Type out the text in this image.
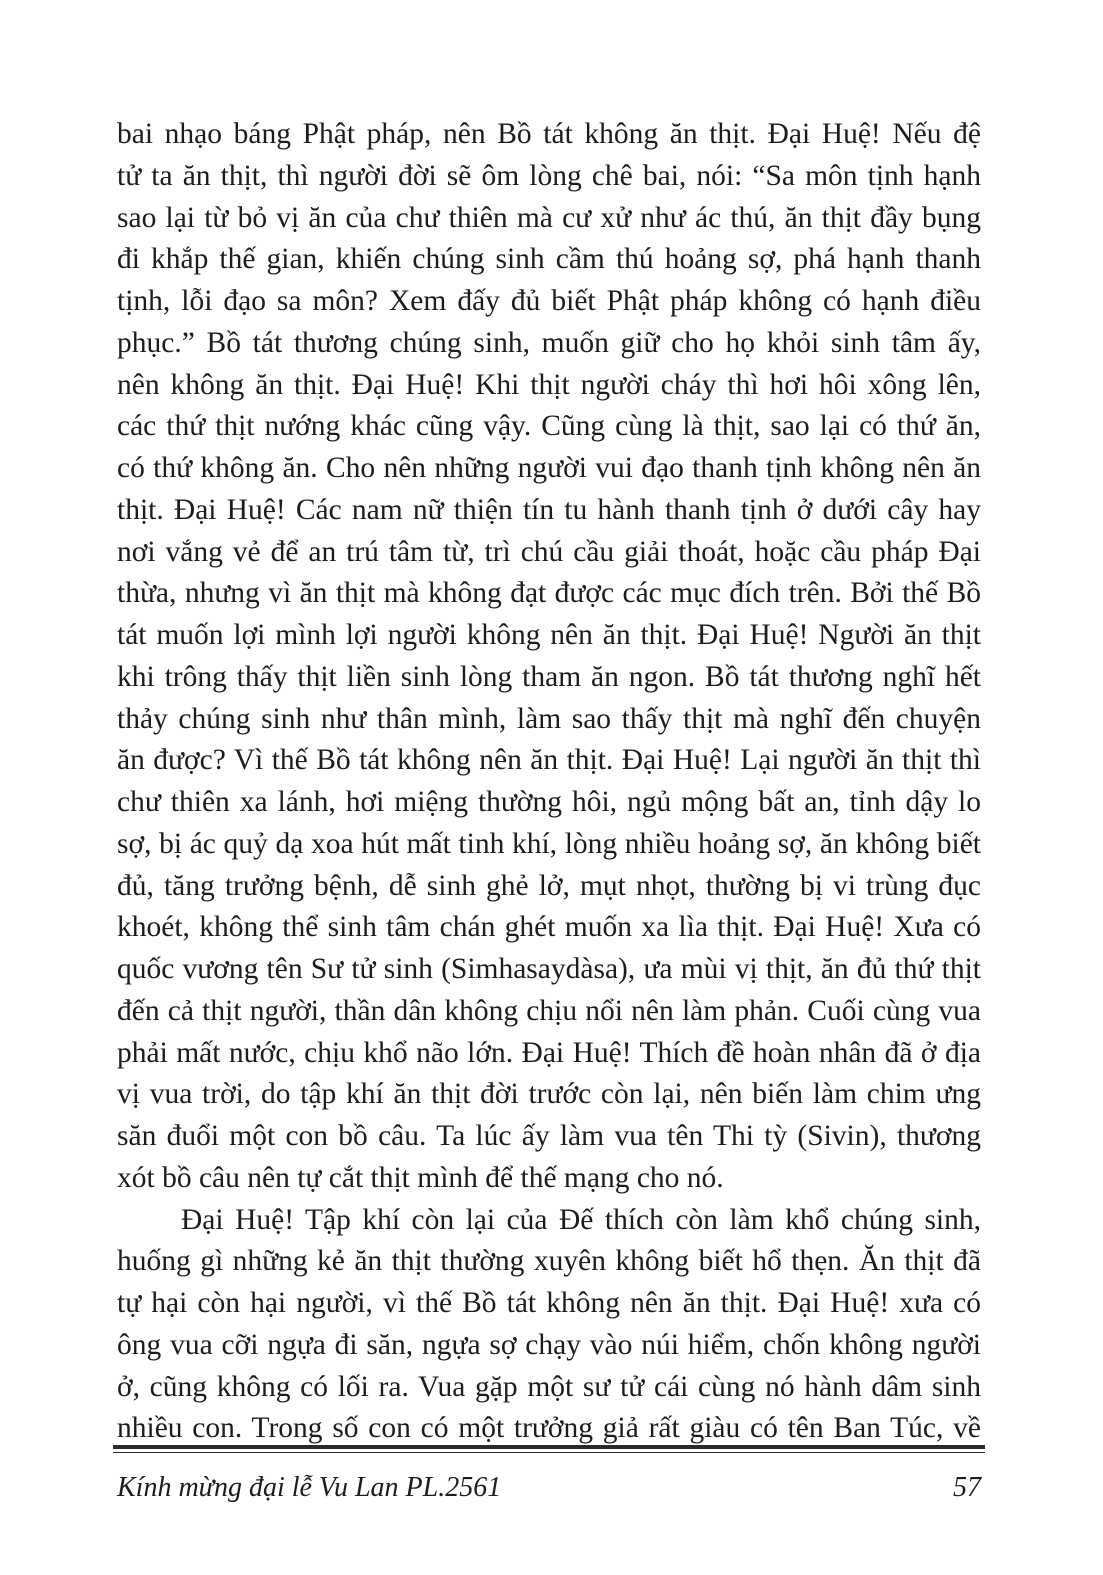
bai nhạo báng Phật pháp, nên Bồ tát không ăn thịt. Đại Huệ! Nếu đệ
tử ta ăn thịt, thì người đời sẽ ôm lòng chê bai, nói: “Sa môn tịnh hạnh
sao lại từ bỏ vị ăn của chư thiên mà cư xử như ác thú, ăn thịt đầy bụng
đi khắp thế gian, khiến chúng sinh cầm thú hoảng sợ, phá hạnh thanh
tịnh, lỗi đạo sa môn? Xem đấy đủ biết Phật pháp không có hạnh điều
phục.” Bồ tát thương chúng sinh, muốn giữ cho họ khỏi sinh tâm ấy,
nên không ăn thịt. Đại Huệ! Khi thịt người cháy thì hơi hôi xông lên,
các thứ thịt nướng khác cũng vậy. Cũng cùng là thịt, sao lại có thứ ăn,
có thứ không ăn. Cho nên những người vui đạo thanh tịnh không nên ăn
thịt. Đại Huệ! Các nam nữ thiện tín tu hành thanh tịnh ở dưới cây hay
nơi vắng vẻ để an trú tâm từ, trì chú cầu giải thoát, hoặc cầu pháp Đại
thừa, nhưng vì ăn thịt mà không đạt được các mục đích trên. Bởi thế Bồ
tát muốn lợi mình lợi người không nên ăn thịt. Đại Huệ! Người ăn thịt
khi trông thấy thịt liền sinh lòng tham ăn ngon. Bồ tát thương nghĩ hết
thảy chúng sinh như thân mình, làm sao thấy thịt mà nghĩ đến chuyện
ăn được? Vì thế Bồ tát không nên ăn thịt. Đại Huệ! Lại người ăn thịt thì
chư thiên xa lánh, hơi miệng thường hôi, ngủ mộng bất an, tỉnh dậy lo
sợ, bị ác quỷ dạ xoa hút mất tinh khí, lòng nhiều hoảng sợ, ăn không biết
đủ, tăng trưởng bệnh, dễ sinh ghẻ lở, mụt nhọt, thường bị vi trùng đục
khoét, không thể sinh tâm chán ghét muốn xa lìa thịt. Đại Huệ! Xưa có
quốc vương tên Sư tử sinh (Simhasaydàsa), ưa mùi vị thịt, ăn đủ thứ thịt
đến cả thịt người, thần dân không chịu nổi nên làm phản. Cuối cùng vua
phải mất nước, chịu khổ não lớn. Đại Huệ! Thích đề hoàn nhân đã ở địa
vị vua trời, do tập khí ăn thịt đời trước còn lại, nên biến làm chim ưng
săn đuổi một con bồ câu. Ta lúc ấy làm vua tên Thi tỳ (Sivin), thương
xót bồ câu nên tự cắt thịt mình để thế mạng cho nó.
Đại Huệ! Tập khí còn lại của Đế thích còn làm khổ chúng sinh,
huống gì những kẻ ăn thịt thường xuyên không biết hổ thẹn. Ăn thịt đã
tự hại còn hại người, vì thế Bồ tát không nên ăn thịt. Đại Huệ! xưa có
ông vua cỡi ngựa đi săn, ngựa sợ chạy vào núi hiểm, chốn không người
ở, cũng không có lối ra. Vua gặp một sư tử cái cùng nó hành dâm sinh
nhiều con. Trong số con có một trưởng giả rất giàu có tên Ban Túc, về
Kính mừng đại lễ Vu Lan PL.2561	57
